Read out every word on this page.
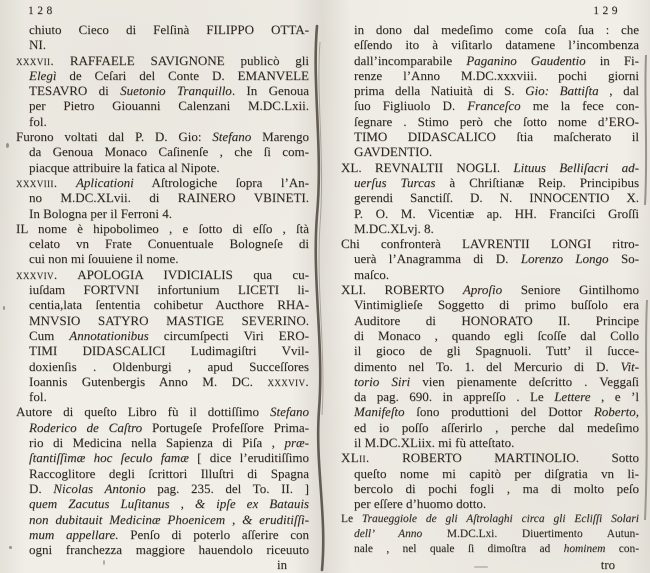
128
chiuto Cieco di Felſinà FILIPPO OTTA-
NI.
xxxvii. RAFFAELE SAVIGNONE publicò gli
Elegì de Ceſari del Conte D. EMANVELE
TESAVRO di Suetonio Tranquillo. In Genoua
per Pietro Giouanni Calenzani M.DC.Lxii.
fol.
Furono voltati dal P. D. Gio: Stefano Marengo
da Genoua Monaco Caſinenſe , che ſi com-
piacque attribuire la fatica al Nipote.
xxxviii. Aplicationi Aſtrologiche ſopra l’An-
no M.DC.XLvii. di RAINERO VBINETI.
In Bologna per il Ferroni 4.
IL nome è hipobolimeo , e ſotto di eſſo , ſtà
celato vn Frate Conuentuale Bologneſe di
cui non mi ſouuiene il nome.
xxxviv. APOLOGIA IVDICIALIS qua cu-
iuſdam FORTVNI infortunium LICETI li-
centia,lata ſententia cohibetur Aucthore RHA-
MNVSIO SATYRO MASTIGE SEVERINO.
Cum Annotationibus circumſpecti Viri ERO-
TIMI DIDASCALICI Ludimagiſtri Vvil-
doxienſis . Oldenburgi , apud Succeſſores
Ioannis Gutenbergis Anno M. DC. xxxviv.
fol.
Autore di queſto Libro fù il dottiſſimo Stefano
Roderico de Caſtro Portugeſe Profeſſore Prima-
rio di Medicina nella Sapienza di Piſa , præ-
ſtantiſſimæ hoc ſeculo famæ [ dice l’eruditiſſimo
Raccoglitore degli ſcrittori Illuſtri di Spagna
D. Nicolas Antonio pag. 235. del To. II. ]
quem Zacutus Luſitanus , & ipſe ex Batauis
non dubitauit Medicinæ Phoenicem , & eruditiſſi-
mum appellare. Penſo di poterlo aſſerire con
ogni franchezza maggiore hauendolo riceuuto
in
129
in dono dal medeſimo come coſa ſua : che
eſſendo ito à viſitarlo datamene l’incombenza
dall’incomparabile Paganino Gaudentio in Fi-
renze l’Anno M.DC.xxxviii. pochi giorni
prima della Natiuità di S. Gio: Battiſta , dal
ſuo Figliuolo D. Franceſco me la fece con-
ſegnare . Stimo però che ſotto nome d’ERO-
TIMO DIDASCALICO ſtia maſcherato il
GAVDENTIO.
XL. REVNALTII NOGLI. Lituus Belliſacri ad-
uerſus Turcas à Chriſtianæ Reip. Principibus
gerendi Sanctiſſ. D. N. INNOCENTIO X.
P. O. M. Vicentiæ ap. HH. Franciſci Groſſi
M.DC.XLvj. 8.
Chi confronterà LAVRENTII LONGI ritro-
uerà l’Anagramma di D. Lorenzo Longo So-
maſco.
XLI. ROBERTO Aproſio Seniore Gintilhomo
Vintimiglieſe Soggetto di primo buſſolo era
Auditore di HONORATO II. Principe
di Monaco , quando egli ſcoſſe dal Collo
il gioco de gli Spagnuoli. Tutt’ il ſucce-
dimento nel To. 1. del Mercurio di D. Vit-
torio Siri vien pienamente deſcritto . Veggaſi
da pag. 690. in appreſſo . Le Lettere , e ’l
Manifeſto ſono produttioni del Dottor Roberto,
ed io poſſo aſſerirlo , perche dal medeſimo
il M.DC.XLiix. mi fù atteſtato.
XLii. ROBERTO MARTINOLIO. Sotto
queſto nome mi capitò per diſgratia vn li-
bercolo di pochi fogli , ma di molto peſo
per eſſere d’huomo dotto.
Le Traueggiole de gli Aſtrolaghi circa gli Ecliſſi Solari
dell’ Anno M.DC.Lxi. Diuertimento Autun-
nale , nel quale ſi dimoſtra ad hominem con-
tro
